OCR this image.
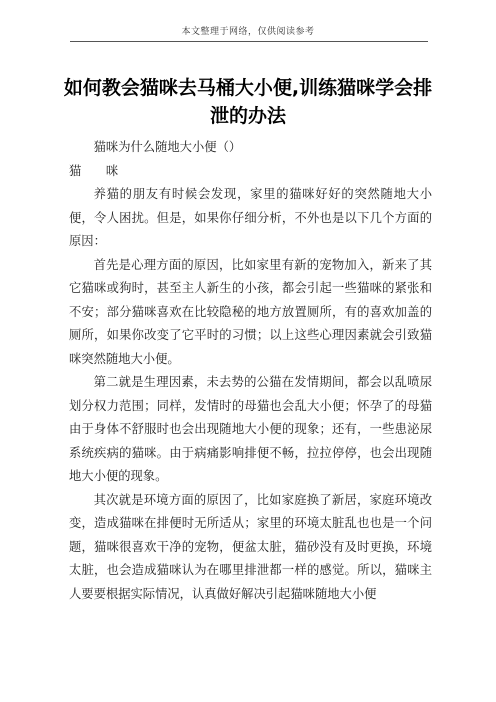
本文整理于网络，仅供阅读参考
如何教会猫咪去马桶大小便,训练猫咪学会排泄的办法

猫咪为什么随地大小便（）

猫咪

养猫的朋友有时候会发现，家里的猫咪好好的突然随地大小便，令人困扰。但是，如果你仔细分析，不外也是以下几个方面的原因：

首先是心理方面的原因，比如家里有新的宠物加入，新来了其它猫咪或狗时，甚至主人新生的小孩，都会引起一些猫咪的紧张和不安；部分猫咪喜欢在比较隐秘的地方放置厕所，有的喜欢加盖的厕所，如果你改变了它平时的习惯；以上这些心理因素就会引致猫咪突然随地大小便。

第二就是生理因素，未去势的公猫在发情期间，都会以乱喷尿划分权力范围；同样，发情时的母猫也会乱大小便；怀孕了的母猫由于身体不舒服时也会出现随地大小便的现象；还有，一些患泌尿系统疾病的猫咪。由于病痛影响排便不畅，拉拉停停，也会出现随地大小便的现象。

其次就是环境方面的原因了，比如家庭换了新居，家庭环境改变，造成猫咪在排便时无所适从；家里的环境太脏乱也也是一个问题，猫咪很喜欢干净的宠物，便盆太脏，猫砂没有及时更换，环境太脏，也会造成猫咪认为在哪里排泄都一样的感觉。所以，猫咪主人要要根据实际情况，认真做好解决引起猫咪随地大小便
